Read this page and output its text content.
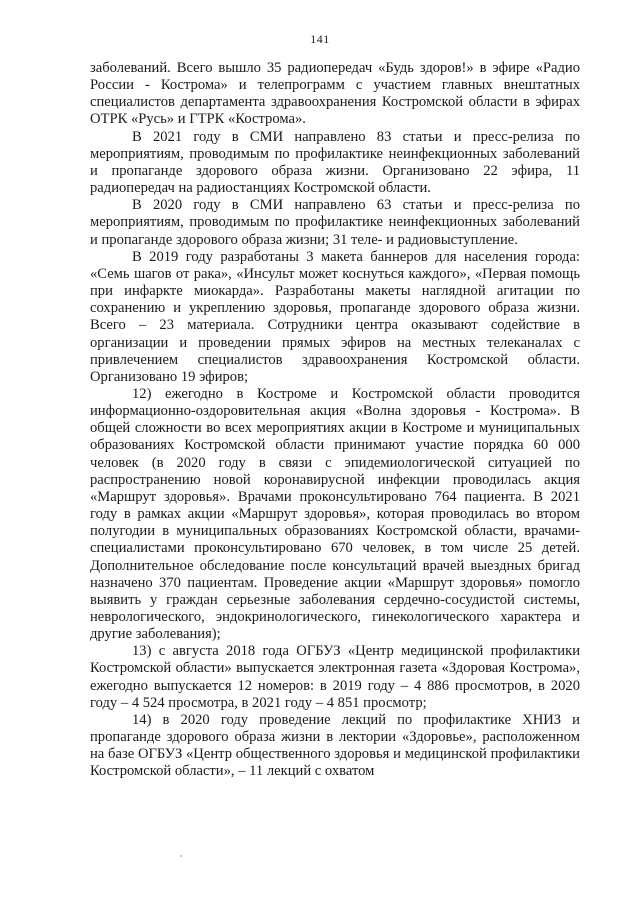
141

заболеваний. Всего вышло 35 радиопередач «Будь здоров!» в эфире «Радио России - Кострома» и телепрограмм с участием главных внештатных специалистов департамента здравоохранения Костромской области в эфирах ОТРК «Русь» и ГТРК «Кострома».

В 2021 году в СМИ направлено 83 статьи и пресс-релиза по мероприятиям, проводимым по профилактике неинфекционных заболеваний и пропаганде здорового образа жизни. Организовано 22 эфира, 11 радиопередач на радиостанциях Костромской области.

В 2020 году в СМИ направлено 63 статьи и пресс-релиза по мероприятиям, проводимым по профилактике неинфекционных заболеваний и пропаганде здорового образа жизни; 31 теле- и радиовыступление.

В 2019 году разработаны 3 макета баннеров для населения города: «Семь шагов от рака», «Инсульт может коснуться каждого», «Первая помощь при инфаркте миокарда». Разработаны макеты наглядной агитации по сохранению и укреплению здоровья, пропаганде здорового образа жизни. Всего – 23 материала. Сотрудники центра оказывают содействие в организации и проведении прямых эфиров на местных телеканалах с привлечением специалистов здравоохранения Костромской области. Организовано 19 эфиров;

12) ежегодно в Костроме и Костромской области проводится информационно-оздоровительная акция «Волна здоровья - Кострома». В общей сложности во всех мероприятиях акции в Костроме и муниципальных образованиях Костромской области принимают участие порядка 60 000 человек (в 2020 году в связи с эпидемиологической ситуацией по распространению новой коронавирусной инфекции проводилась акция «Маршрут здоровья». Врачами проконсультировано 764 пациента. В 2021 году в рамках акции «Маршрут здоровья», которая проводилась во втором полугодии в муниципальных образованиях Костромской области, врачами-специалистами проконсультировано 670 человек, в том числе 25 детей. Дополнительное обследование после консультаций врачей выездных бригад назначено 370 пациентам. Проведение акции «Маршрут здоровья» помогло выявить у граждан серьезные заболевания сердечно-сосудистой системы, неврологического, эндокринологического, гинекологического характера и другие заболевания);

13) с августа 2018 года ОГБУЗ «Центр медицинской профилактики Костромской области» выпускается электронная газета «Здоровая Кострома», ежегодно выпускается 12 номеров: в 2019 году – 4 886 просмотров, в 2020 году – 4 524 просмотра, в 2021 году – 4 851 просмотр;

14) в 2020 году проведение лекций по профилактике ХНИЗ и пропаганде здорового образа жизни в лектории «Здоровье», расположенном на базе ОГБУЗ «Центр общественного здоровья и медицинской профилактики Костромской области», – 11 лекций с охватом
